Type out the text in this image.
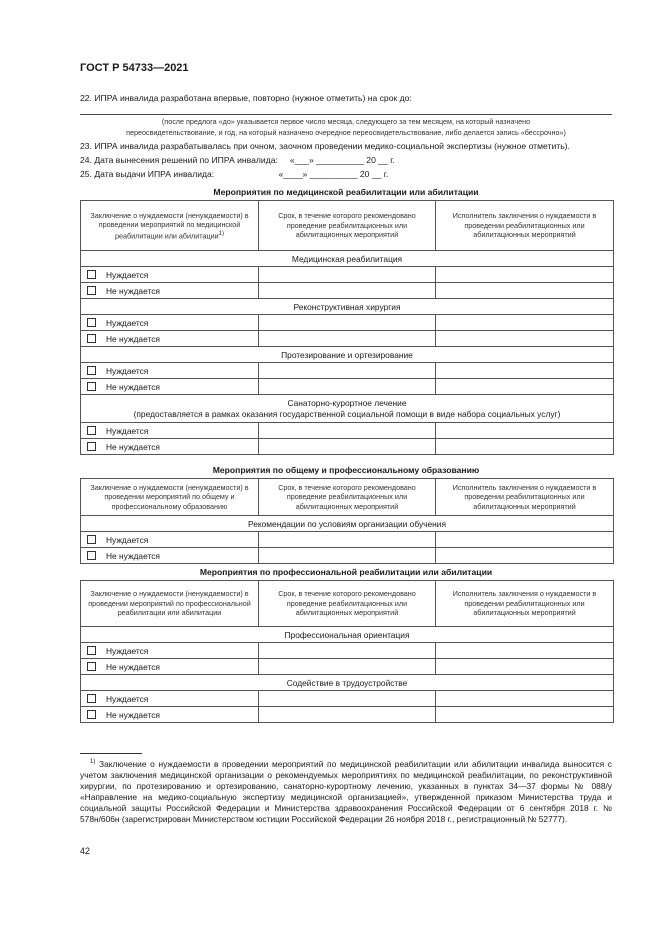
ГОСТ Р 54733—2021
22. ИПРА инвалида разработана впервые, повторно (нужное отметить) на срок до:
(после предлога «до» указывается первое число месяца, следующего за тем месяцем, на который назначено
переосвидетельствование, и год, на который назначено очередное переосвидетельствование, либо делается запись «бессрочно»)
23. ИПРА инвалида разрабатывалась при очном, заочном проведении медико-социальной экспертизы (нужное отметить).
24. Дата вынесения решений по ИПРА инвалида:     «___» __________ 20 __ г.
25. Дата выдачи ИПРА инвалида:                           «____» __________ 20 __ г.
Мероприятия по медицинской реабилитации или абилитации
Заключение о нуждаемости (ненуждаемости) в проведении мероприятий по медицинской реабилитации или абилитации$^{1)}$	Срок, в течение которого рекомендовано проведение реабилитационных или абилитационных мероприятий	Исполнитель заключения о нуждаемости в проведении реабилитационных или абилитационных мероприятий
Медицинская реабилитация		
Нуждается		
Не нуждается		
Реконструктивная хирургия		
Нуждается		
Не нуждается		
Протезирование и ортезирование		
Нуждается		
Не нуждается		
Санаторно-курортное лечение
(предоставляется в рамках оказания государственной социальной помощи в виде набора социальных услуг)		
Нуждается		
Не нуждается		
Мероприятия по общему и профессиональному образованию
Заключение о нуждаемости (ненуждаемости) в проведении мероприятий по общему и профессиональному образованию	Срок, в течение которого рекомендовано проведение реабилитационных или абилитационных мероприятий	Исполнитель заключения о нуждаемости в проведении реабилитационных или абилитационных мероприятий
Рекомендации по условиям организации обучения		
Нуждается		
Не нуждается		
Мероприятия по профессиональной реабилитации или абилитации
Заключение о нуждаемости (ненуждаемости) в проведении мероприятий по профессиональной реабилитации или абилитации	Срок, в течение которого рекомендовано проведение реабилитационных или абилитационных мероприятий	Исполнитель заключения о нуждаемости в проведении реабилитационных или абилитационных мероприятий
Профессиональная ориентация		
Нуждается		
Не нуждается		
Содействие в трудоустройстве		
Нуждается		
Не нуждается		
$^{1)}$ Заключение о нуждаемости в проведении мероприятий по медицинской реабилитации или абилитации инвалида выносится с учетом заключения медицинской организации о рекомендуемых мероприятиях по медицинской реабилитации, по реконструктивной хирургии, по протезированию и ортезированию, санаторно-курортному лечению, указанных в пунктах 34—37 формы № 088/у «Направление на медико-социальную экспертизу медицинской организацией», утвержденной приказом Министерства труда и социальной защиты Российской Федерации и Министерства здравоохранения Российской Федерации от 6 сентября 2018 г. № 578н/606н (зарегистрирован Министерством юстиции Российской Федерации 26 ноября 2018 г., регистрационный № 52777).
42
